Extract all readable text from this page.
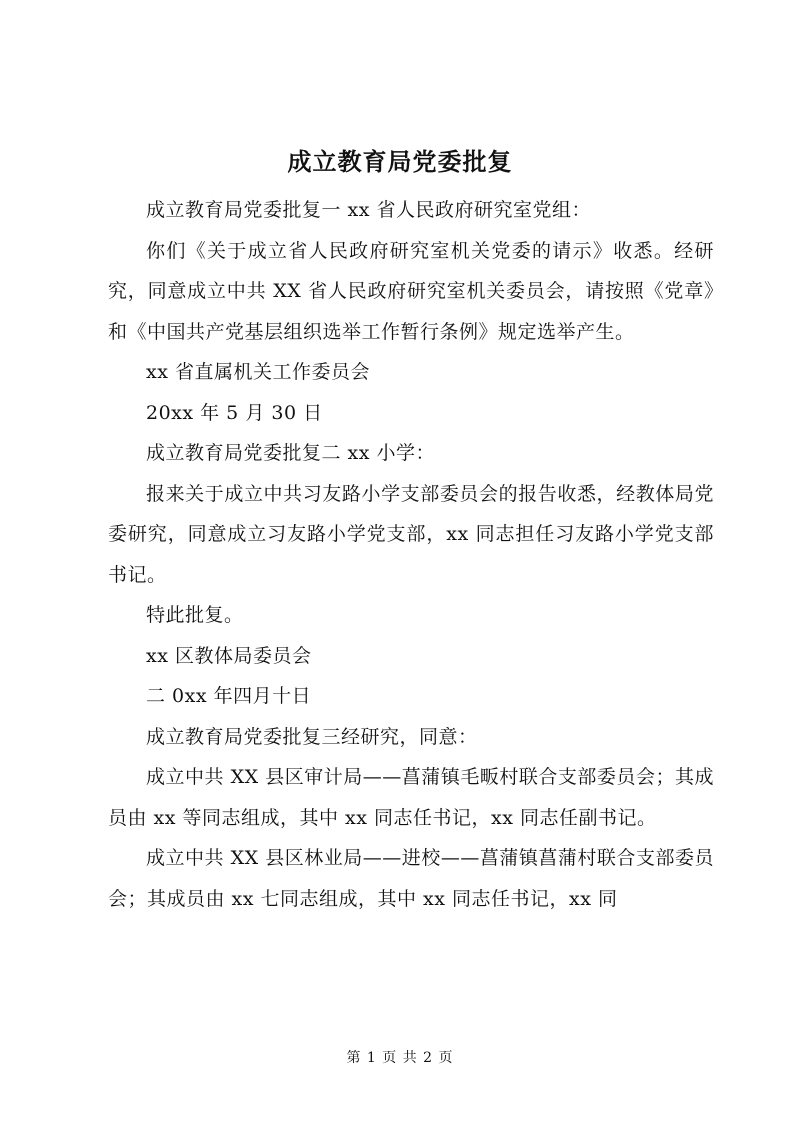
成立教育局党委批复

成立教育局党委批复一 xx 省人民政府研究室党组：

你们《关于成立省人民政府研究室机关党委的请示》收悉。经研究，同意成立中共 XX 省人民政府研究室机关委员会，请按照《党章》和《中国共产党基层组织选举工作暂行条例》规定选举产生。

xx 省直属机关工作委员会

20xx 年 5 月 30 日

成立教育局党委批复二 xx 小学：

报来关于成立中共习友路小学支部委员会的报告收悉，经教体局党委研究，同意成立习友路小学党支部，xx 同志担任习友路小学党支部书记。

特此批复。

xx 区教体局委员会

二 0xx 年四月十日

成立教育局党委批复三经研究，同意：

成立中共 XX 县区审计局——菖蒲镇毛畈村联合支部委员会；其成员由 xx 等同志组成，其中 xx 同志任书记，xx 同志任副书记。

成立中共 XX 县区林业局——进校——菖蒲镇菖蒲村联合支部委员会；其成员由 xx 七同志组成，其中 xx 同志任书记，xx 同

第 1 页 共 2 页
